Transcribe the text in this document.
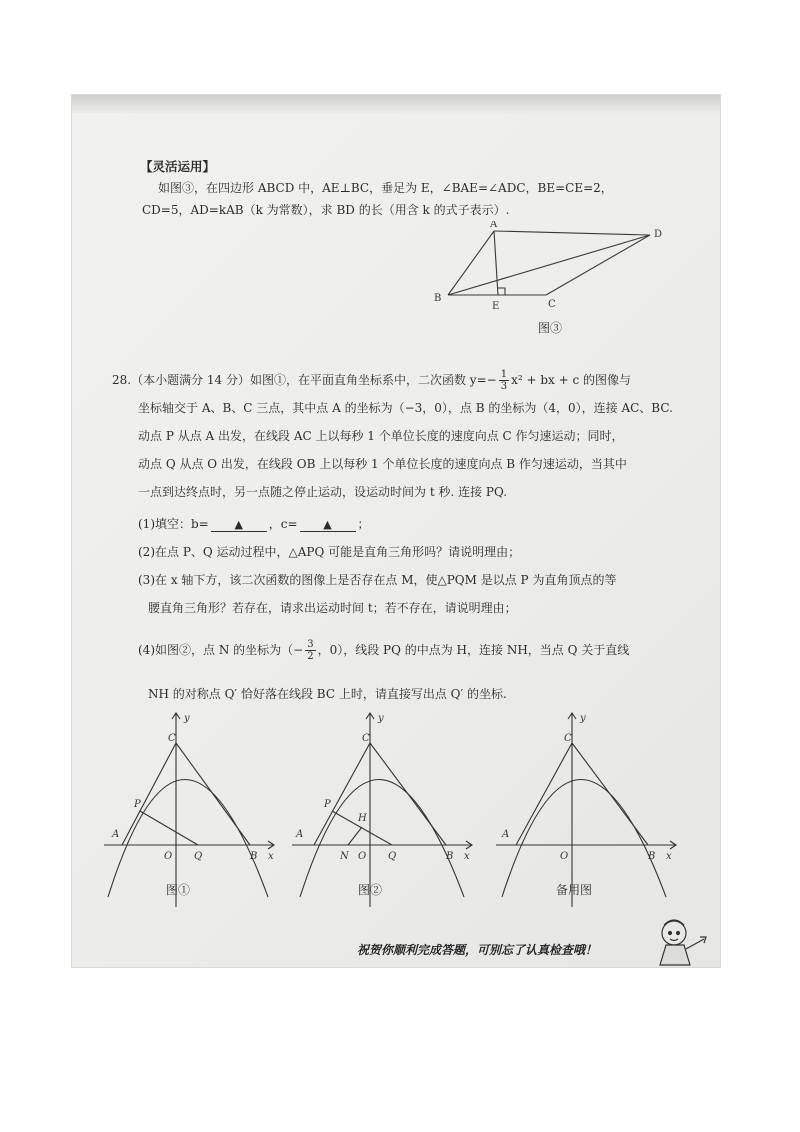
【灵活运用】
如图③，在四边形 ABCD 中，AE⊥BC，垂足为 E，∠BAE=∠ADC，BE=CE=2，
CD=5，AD=kAB（k 为常数），求 BD 的长（用含 k 的式子表示）.
A
B
C
D
E
图③
28.（本小题满分 14 分）如图①，在平面直角坐标系中，二次函数 $y=- \frac{1}{3} x^2$ + bx + c 的图像与
坐标轴交于 A、B、C 三点，其中点 A 的坐标为（−3，0），点 B 的坐标为（4，0），连接 AC、BC.
动点 P 从点 A 出发，在线段 AC 上以每秒 1 个单位长度的速度向点 C 作匀速运动；同时，
动点 Q 从点 O 出发，在线段 OB 上以每秒 1 个单位长度的速度向点 B 作匀速运动，当其中
一点到达终点时，另一点随之停止运动，设运动时间为 t 秒. 连接 PQ.
(1)填空：b= ▲ ，c= ▲ ；
(2)在点 P、Q 运动过程中，△APQ 可能是直角三角形吗？请说明理由；
(3)在 x 轴下方，该二次函数的图像上是否存在点 M，使△PQM 是以点 P 为直角顶点的等
腰直角三角形？若存在，请求出运动时间 t；若不存在，请说明理由；
(4)如图②，点 N 的坐标为（− $\frac{3}{2}$ ，0），线段 PQ 的中点为 H，连接 NH，当点 Q 关于直线
NH 的对称点 Q′ 恰好落在线段 BC 上时，请直接写出点 Q′ 的坐标.
y
C
P
A
O Q	B x
图①
y
C
H
P
A
N O Q	B x
图②
y
C
A
O	B x
备用图
祝贺你顺利完成答题，可别忘了认真检查哦！
